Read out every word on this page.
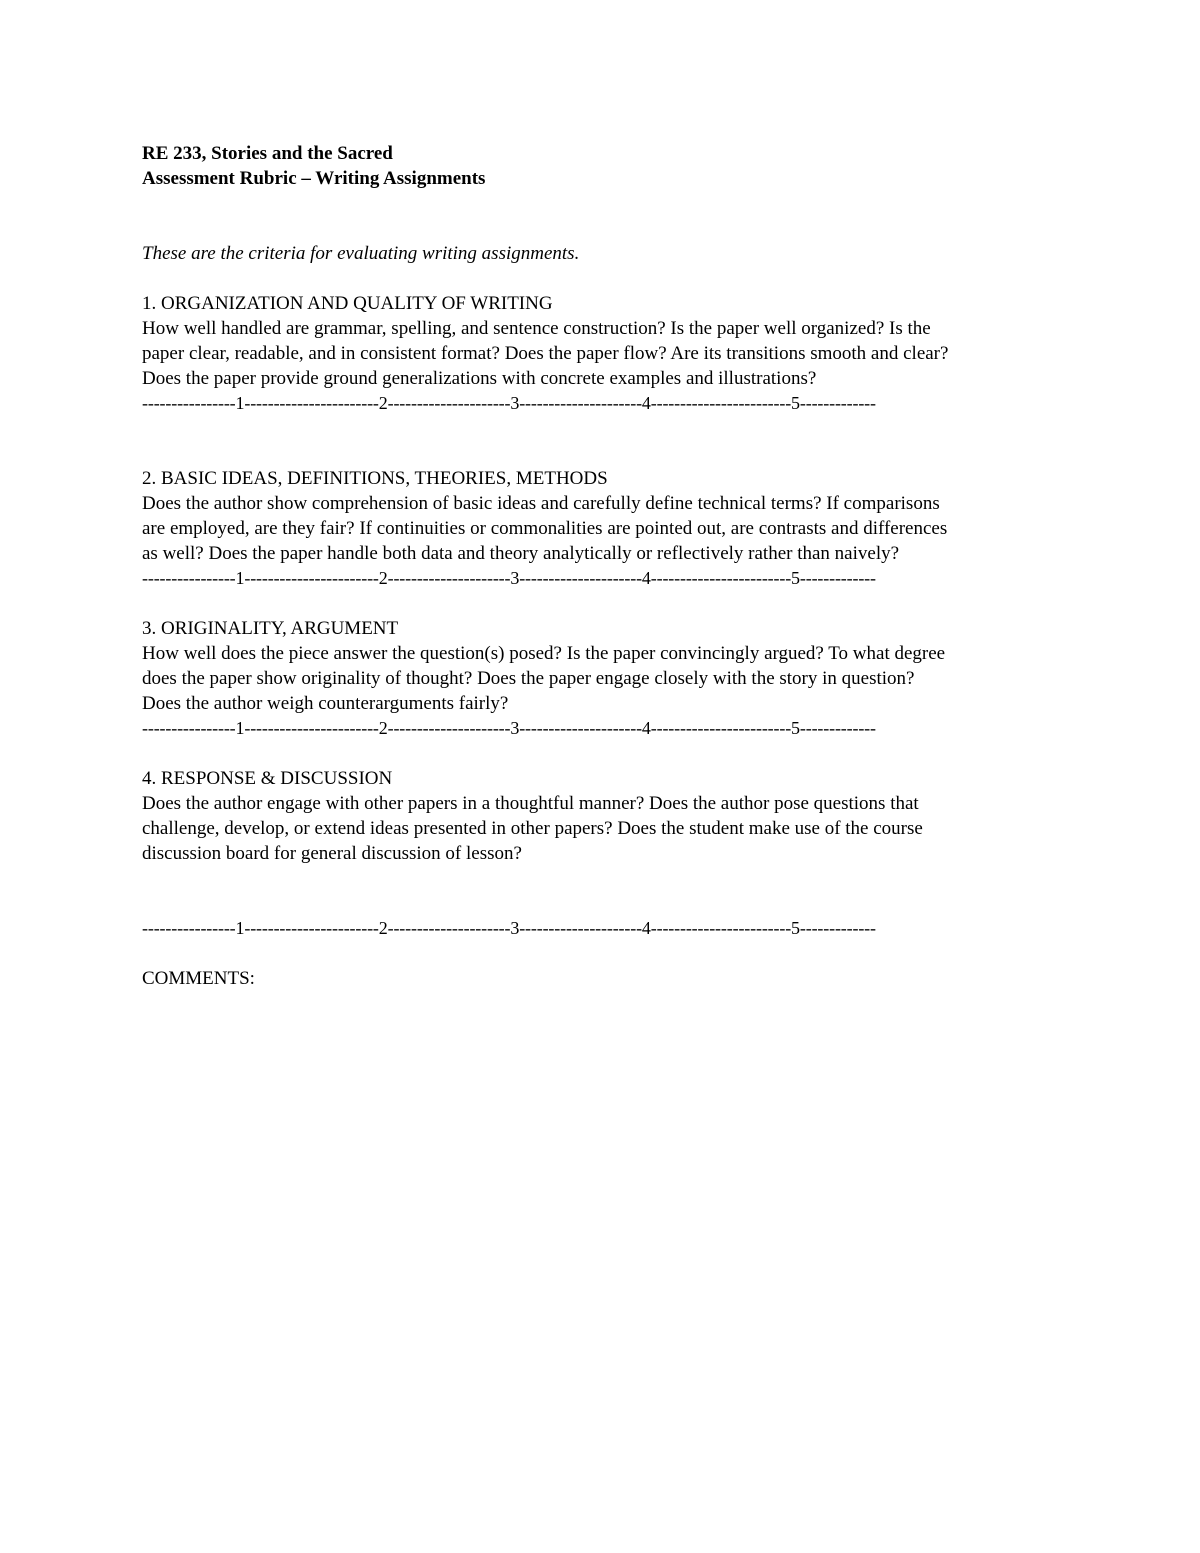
RE 233, Stories and the Sacred
Assessment Rubric – Writing Assignments
These are the criteria for evaluating writing assignments.
1. ORGANIZATION AND QUALITY OF WRITING
How well handled are grammar, spelling, and sentence construction? Is the paper well organized? Is the
paper clear, readable, and in consistent format? Does the paper flow? Are its transitions smooth and clear?
Does the paper provide ground generalizations with concrete examples and illustrations?
----------------1-----------------------2---------------------3---------------------4------------------------5-------------
2. BASIC IDEAS, DEFINITIONS, THEORIES, METHODS
Does the author show comprehension of basic ideas and carefully define technical terms? If comparisons
are employed, are they fair? If continuities or commonalities are pointed out, are contrasts and differences
as well? Does the paper handle both data and theory analytically or reflectively rather than naively?
----------------1-----------------------2---------------------3---------------------4------------------------5-------------
3. ORIGINALITY, ARGUMENT
How well does the piece answer the question(s) posed? Is the paper convincingly argued? To what degree
does the paper show originality of thought? Does the paper engage closely with the story in question?
Does the author weigh counterarguments fairly?
----------------1-----------------------2---------------------3---------------------4------------------------5-------------
4. RESPONSE & DISCUSSION
Does the author engage with other papers in a thoughtful manner? Does the author pose questions that
challenge, develop, or extend ideas presented in other papers? Does the student make use of the course
discussion board for general discussion of lesson?
----------------1-----------------------2---------------------3---------------------4------------------------5-------------
COMMENTS:
